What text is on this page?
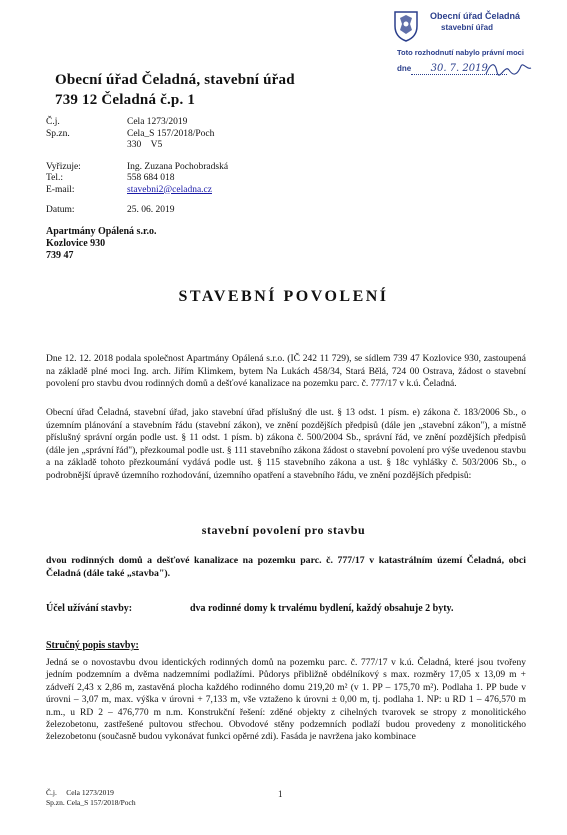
Obecní úřad Čeladná
stavební úřad
Toto rozhodnutí nabylo právní moci
dne 30. 7. 2019
Obecní úřad Čeladná, stavební úřad
739 12 Čeladná č.p. 1
Č.j.	Cela 1273/2019
Sp.zn.	Cela_S 157/2018/Poch
	330    V5

Vyřizuje:	Ing. Zuzana Pochobradská
Tel.:	558 684 018
E-mail:	stavebni2@celadna.cz

Datum:	25. 06. 2019
Apartmány Opálená s.r.o.
Kozlovice 930
739 47
STAVEBNÍ POVOLENÍ
Dne 12. 12. 2018 podala společnost Apartmány Opálená s.r.o. (IČ 242 11 729), se sídlem 739 47 Kozlovice 930, zastoupená na základě plné moci Ing. arch. Jiřím Klimkem, bytem Na Lukách 458/34, Stará Bělá, 724 00 Ostrava, žádost o stavební povolení pro stavbu dvou rodinných domů a dešťové kanalizace na pozemku parc. č. 777/17 v k.ú. Čeladná.
Obecní úřad Čeladná, stavební úřad, jako stavební úřad příslušný dle ust. § 13 odst. 1 písm. e) zákona č. 183/2006 Sb., o územním plánování a stavebním řádu (stavební zákon), ve znění pozdějších předpisů (dále jen „stavební zákon"), a místně příslušný správní orgán podle ust. § 11 odst. 1 písm. b) zákona č. 500/2004 Sb., správní řád, ve znění pozdějších předpisů (dále jen „správní řád"), přezkoumal podle ust. § 111 stavebního zákona žádost o stavební povolení pro výše uvedenou stavbu a na základě tohoto přezkoumání vydává podle ust. § 115 stavebního zákona a ust. § 18c vyhlášky č. 503/2006 Sb., o podrobnější úpravě územního rozhodování, územního opatření a stavebního řádu, ve znění pozdějších předpisů:
stavební povolení pro stavbu
dvou rodinných domů a dešťové kanalizace na pozemku parc. č. 777/17 v katastrálním území Čeladná, obci Čeladná (dále také „stavba").
Účel užívání stavby:	dva rodinné domy k trvalému bydlení, každý obsahuje 2 byty.
Stručný popis stavby:
Jedná se o novostavbu dvou identických rodinných domů na pozemku parc. č. 777/17 v k.ú. Čeladná, které jsou tvořeny jedním podzemním a dvěma nadzemními podlažími. Půdorys přibližně obdélníkový s max. rozměry 17,05 x 13,09 m + zádveří 2,43 x 2,86 m, zastavěná plocha každého rodinného domu 219,20 m² (v 1. PP – 175,70 m²). Podlaha 1. PP bude v úrovni – 3,07 m, max. výška v úrovni + 7,133 m, vše vztaženo k úrovni ± 0,00 m, tj. podlaha 1. NP: u RD 1 – 476,570 m n.m., u RD 2 – 476,770 m n.m. Konstrukční řešení: zděné objekty z cihelných tvarovek se stropy z monolitického železobetonu, zastřešené pultovou střechou. Obvodové stěny podzemních podlaží budou provedeny z monolitického železobetonu (současně budou vykonávat funkci opěrné zdi). Fasáda je navržena jako kombinace
Č.j.     Cela 1273/2019
Sp.zn. Cela_S 157/2018/Poch
1
